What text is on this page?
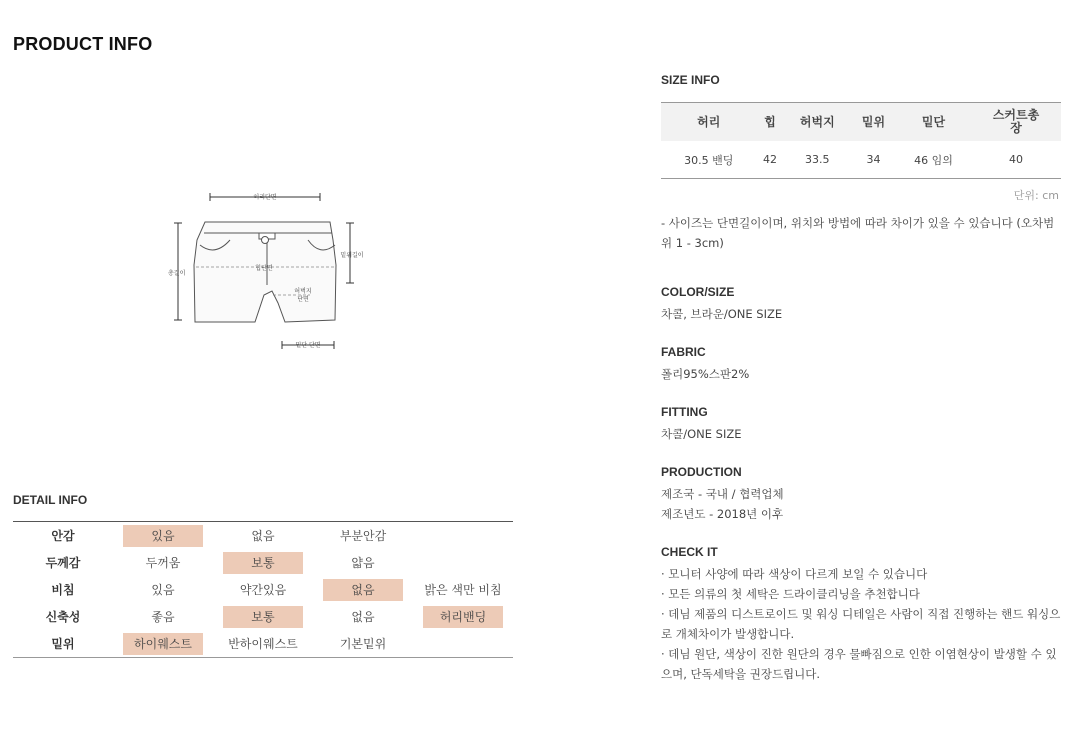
PRODUCT INFO
허리단면
총길이
밑위길이
힙단면
허벅지
단면
밑단 단면
DETAIL INFO
안감	있음	없음	부분안감
두께감	두꺼움	보통	얇음
비침	있음	약간있음	없음	밝은 색만 비침
신축성	좋음	보통	없음	허리밴딩
밑위	하이웨스트	반하이웨스트	기본밑위
SIZE INFO
허리	힙	허벅지	밑위	밑단	스커트총
장
30.5 밴딩	42	33.5	34	46 임의	40
단위: cm
- 사이즈는 단면길이이며, 위치와 방법에 따라 차이가 있을 수 있습니다 (오차범위 1 - 3cm)
COLOR/SIZE
차콜, 브라운/ONE SIZE
FABRIC
폴리95%스판2%
FITTING
차콜/ONE SIZE
PRODUCTION
제조국 - 국내 / 협력업체
제조년도 - 2018년 이후
CHECK IT
· 모니터 사양에 따라 색상이 다르게 보일 수 있습니다
· 모든 의류의 첫 세탁은 드라이클리닝을 추천합니다
· 데님 제품의 디스트로이드 및 워싱 디테일은 사람이 직접 진행하는 핸드 워싱으로 개체차이가 발생합니다.
· 데님 원단, 색상이 진한 원단의 경우 물빠짐으로 인한 이염현상이 발생할 수 있으며, 단독세탁을 권장드립니다.
